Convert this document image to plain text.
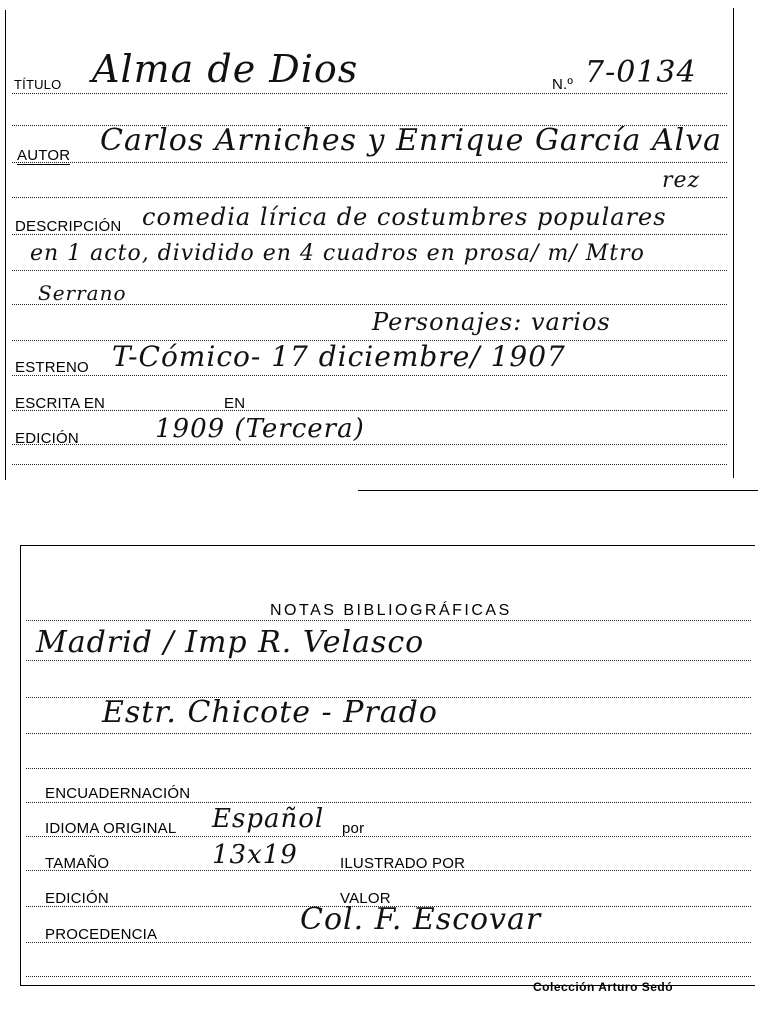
TÍTULO Alma de Dios	N.º 7-0134
AUTOR Carlos Arniches y Enrique García Alva
rez
DESCRIPCIÓN comedia lírica de costumbres populares
en 1 acto, dividido en 4 cuadros en prosa/ m/ Mtro
Serrano
Personajes: varios
ESTRENO T-Cómico- 17 diciembre/ 1907
ESCRITA EN	EN
EDICIÓN	1909 (Tercera)
NOTAS BIBLIOGRÁFICAS
Madrid / Imp R. Velasco
Estr. Chicote - Prado
ENCUADERNACIÓN
IDIOMA ORIGINAL Español por
TAMAÑO	13x19	ILUSTRADO POR
EDICIÓN	VALOR
PROCEDENCIA	Col. F. Escovar
Colección Arturo Sedó
